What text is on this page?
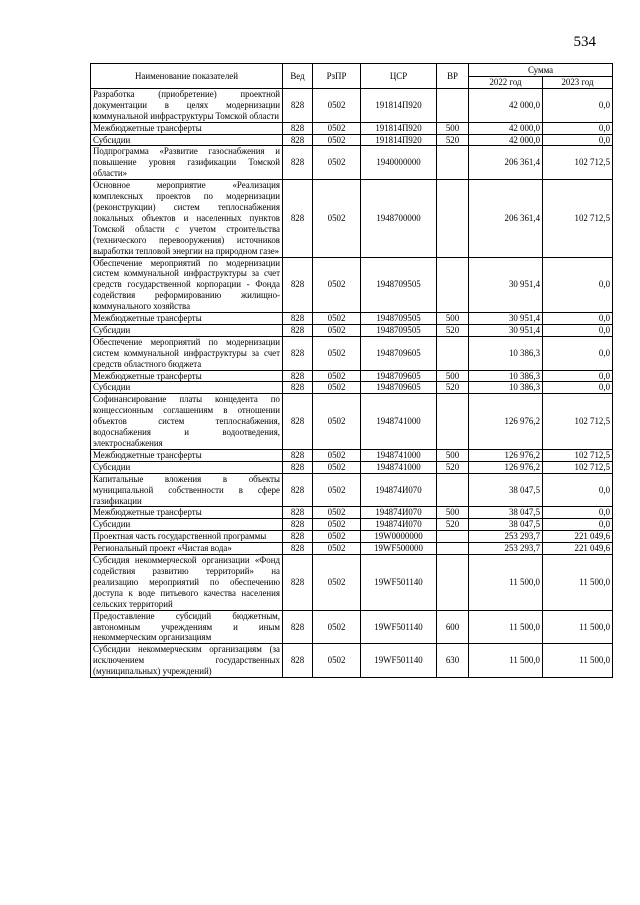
534
Наименование показателей	Вед	РзПР	ЦСР	ВР	Сумма	
					2022 год	2023 год
Разработка (приобретение) проектной документации в целях модернизации коммунальной инфраструктуры Томской области	828	0502	191814П920		42 000,0	0,0
Межбюджетные трансферты	828	0502	191814П920	500	42 000,0	0,0
Субсидии	828	0502	191814П920	520	42 000,0	0,0
Подпрограмма «Развитие газоснабжения и повышение уровня газификации Томской области»	828	0502	1940000000		206 361,4	102 712,5
Основное мероприятие «Реализация комплексных проектов по модернизации (реконструкции) систем теплоснабжения локальных объектов и населенных пунктов Томской области с учетом строительства (технического перевооружения) источников выработки тепловой энергии на природном газе»	828	0502	1948700000		206 361,4	102 712,5
Обеспечение мероприятий по модернизации систем коммунальной инфраструктуры за счет средств государственной корпорации - Фонда содействия реформированию жилищно-коммунального хозяйства	828	0502	1948709505		30 951,4	0,0
Межбюджетные трансферты	828	0502	1948709505	500	30 951,4	0,0
Субсидии	828	0502	1948709505	520	30 951,4	0,0
Обеспечение мероприятий по модернизации систем коммунальной инфраструктуры за счет средств областного бюджета	828	0502	1948709605		10 386,3	0,0
Межбюджетные трансферты	828	0502	1948709605	500	10 386,3	0,0
Субсидии	828	0502	1948709605	520	10 386,3	0,0
Софинансирование платы концедента по концессионным соглашениям в отношении объектов систем теплоснабжения, водоснабжения и водоотведения, электроснабжения	828	0502	1948741000		126 976,2	102 712,5
Межбюджетные трансферты	828	0502	1948741000	500	126 976,2	102 712,5
Субсидии	828	0502	1948741000	520	126 976,2	102 712,5
Капитальные вложения в объекты муниципальной собственности в сфере газификации	828	0502	194874И070		38 047,5	0,0
Межбюджетные трансферты	828	0502	194874И070	500	38 047,5	0,0
Субсидии	828	0502	194874И070	520	38 047,5	0,0
Проектная часть государственной программы	828	0502	19W0000000		253 293,7	221 049,6
Региональный проект «Чистая вода»	828	0502	19WF500000		253 293,7	221 049,6
Субсидия некоммерческой организации «Фонд содействия развитию территорий» на реализацию мероприятий по обеспечению доступа к воде питьевого качества населения сельских территорий	828	0502	19WF501140		11 500,0	11 500,0
Предоставление субсидий бюджетным, автономным учреждениям и иным некоммерческим организациям	828	0502	19WF501140	600	11 500,0	11 500,0
Субсидии некоммерческим организациям (за исключением государственных (муниципальных) учреждений)	828	0502	19WF501140	630	11 500,0	11 500,0
